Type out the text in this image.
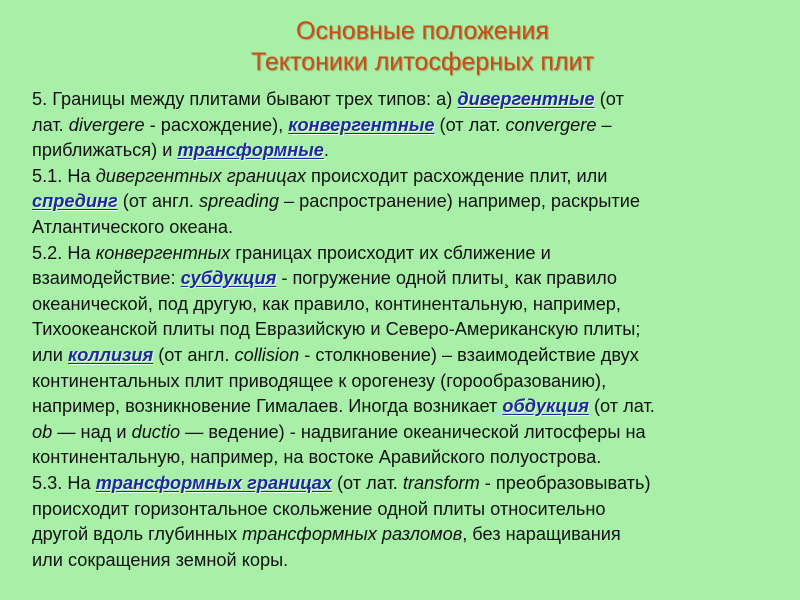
Основные положения
Тектоники литосферных плит
5. Границы между плитами бывают трех типов: а) дивергентные (от
лат. divergere - расхождение), конвергентные (от лат. convergere –
приближаться) и трансформные.
5.1. На дивергентных границах происходит расхождение плит, или
спрединг (от англ. spreading – распространение) например, раскрытие
Атлантического океана.
5.2. На конвергентных границах происходит их сближение и
взаимодействие: субдукция - погружение одной плиты¸ как правило
океанической, под другую, как правило, континентальную, например,
Тихоокеанской плиты под Евразийскую и Северо-Американскую плиты;
или коллизия (от англ. collision - столкновение) – взаимодействие двух
континентальных плит приводящее к орогенезу (горообразованию),
например, возникновение Гималаев. Иногда возникает обдукция (от лат.
ob — над и ductio — ведение) - надвигание океанической литосферы на
континентальную, например, на востоке Аравийского полуострова.
5.3. На трансформных границах (от лат. transform - преобразовывать)
происходит горизонтальное скольжение одной плиты относительно
другой вдоль глубинных трансформных разломов, без наращивания
или сокращения земной коры.
